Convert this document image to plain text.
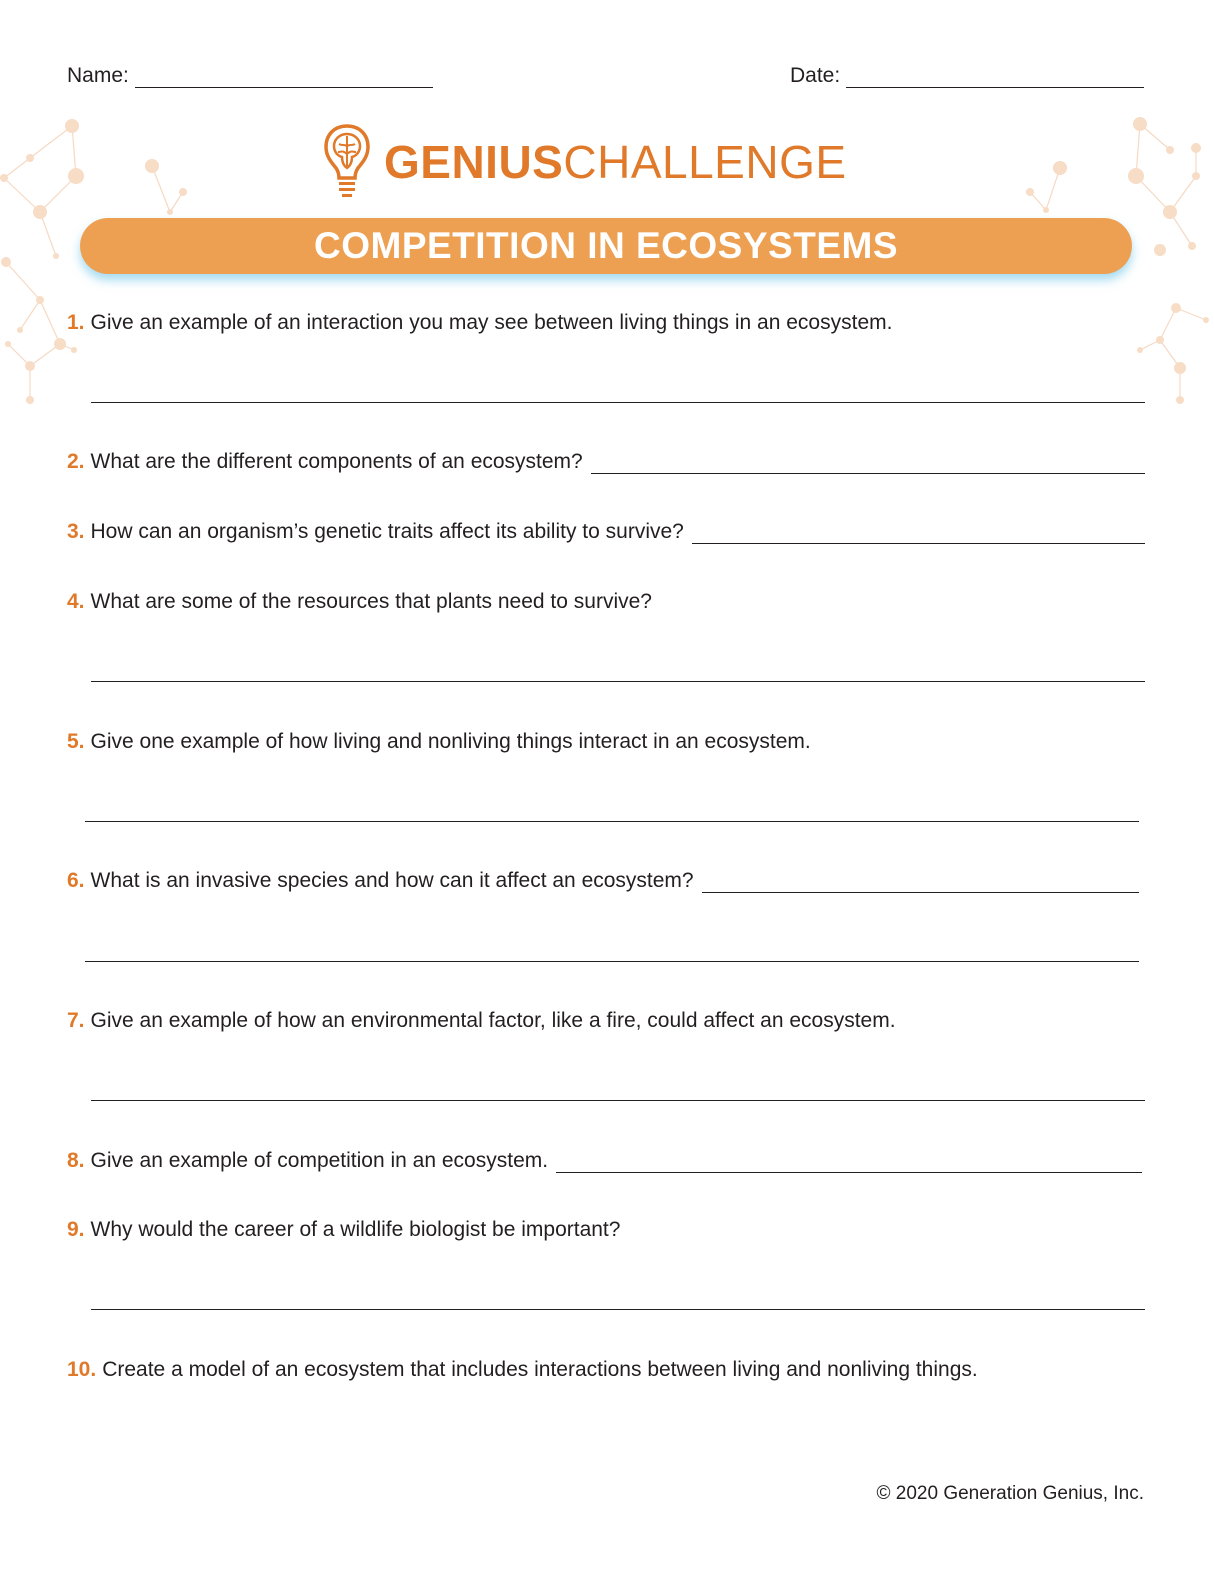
Name:	Date:
GENIUSCHALLENGE
COMPETITION IN ECOSYSTEMS
1. Give an example of an interaction you may see between living things in an ecosystem.
2. What are the different components of an ecosystem?
3. How can an organism’s genetic traits affect its ability to survive?
4. What are some of the resources that plants need to survive?
5. Give one example of how living and nonliving things interact in an ecosystem.
6. What is an invasive species and how can it affect an ecosystem?
7. Give an example of how an environmental factor, like a fire, could affect an ecosystem.
8. Give an example of competition in an ecosystem.
9. Why would the career of a wildlife biologist be important?
10. Create a model of an ecosystem that includes interactions between living and nonliving things.
© 2020 Generation Genius, Inc.
